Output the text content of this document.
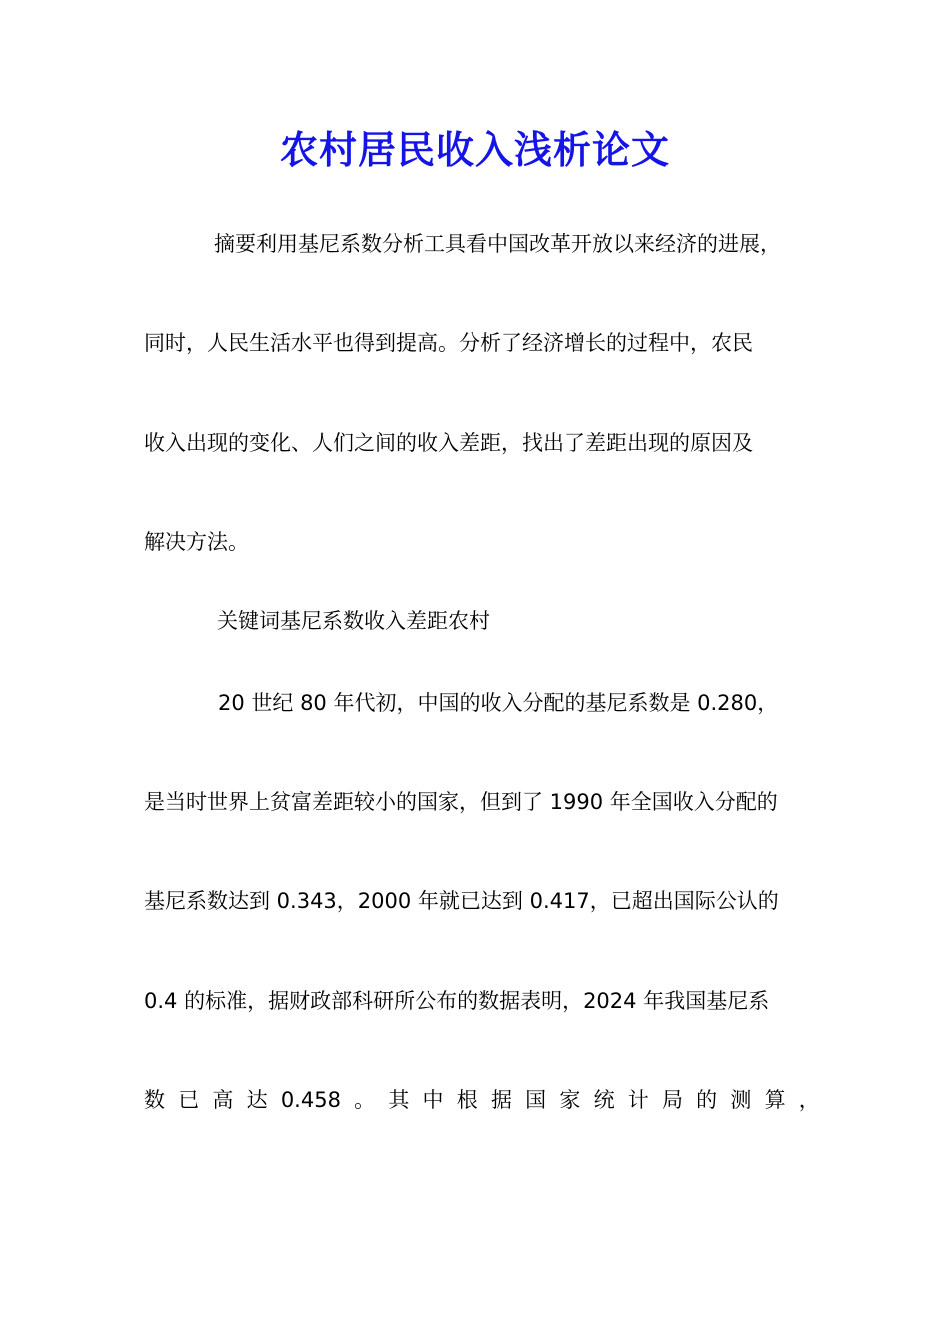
农村居民收入浅析论文
摘要利用基尼系数分析工具看中国改革开放以来经济的进展，
同时，人民生活水平也得到提高。分析了经济增长的过程中，农民
收入出现的变化、人们之间的收入差距，找出了差距出现的原因及
解决方法。
关键词基尼系数收入差距农村
20 世纪 80 年代初，中国的收入分配的基尼系数是 0.280，
是当时世界上贫富差距较小的国家，但到了 1990 年全国收入分配的
基尼系数达到 0.343，2000 年就已达到 0.417，已超出国际公认的
0.4 的标准，据财政部科研所公布的数据表明，2024 年我国基尼系
数 已 高 达 0.458 。 其 中 根 据 国 家 统 计 局 的 测 算 ，
